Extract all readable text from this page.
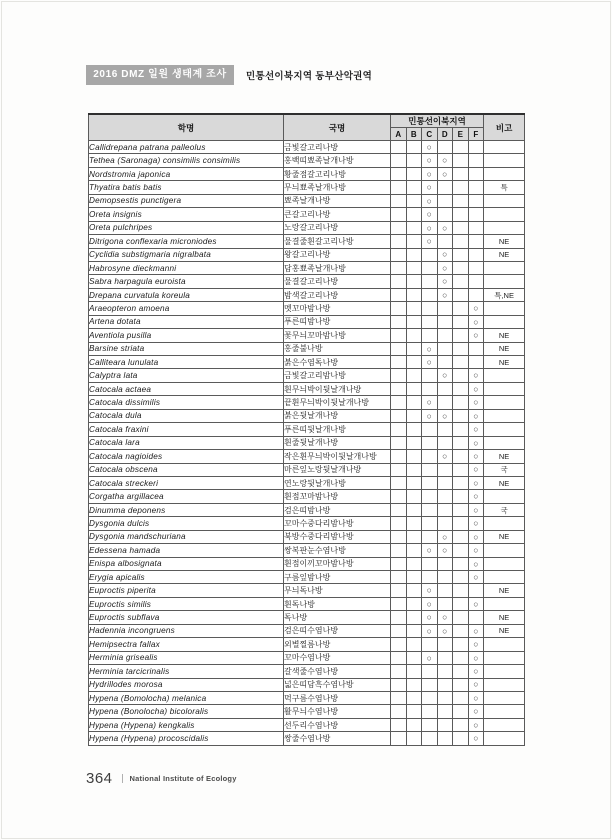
2016 DMZ 일원 생태계 조사	민통선이북지역 동부산악권역
학명	국명	민통선이북지역						비고
		A	B	C	D	E	F	
Callidrepana patrana palleolus	금빛갈고리나방			○				
Tethea (Saronaga) consimilis consimilis	홍백띠뾰족날개나방			○	○			
Nordstromia japonica	황줄점갈고리나방			○	○			
Thyatira batis batis	무늬뾰족날개나방			○				특
Demopsestis punctigera	뾰족날개나방			○				
Oreta insignis	큰갈고리나방			○				
Oreta pulchripes	노랑갈고리나방			○	○			
Ditrigona conflexaria microniodes	물결줄흰갈고리나방			○				NE
Cyclidia substigmaria nigralbata	왕갈고리나방				○			NE
Habrosyne dieckmanni	담홍뾰족날개나방				○			
Sabra harpagula euroista	물결갈고리나방				○			
Drepana curvatula koreula	밤색갈고리나방				○			특,NE
Araeopteron amoena	멧꼬마밤나방						○	
Artena dotata	푸른띠밤나방						○	
Aventiola pusilla	꽃무늬꼬마밤나방						○	NE
Barsine striata	홍줄불나방			○				NE
Calliteara lunulata	붉은수염독나방			○				NE
Calyptra lata	금빛갈고리밤나방				○		○	
Catocala actaea	흰무늬박이뒷날개나방						○	
Catocala dissimilis	끝흰무늬박이뒷날개나방			○			○	
Catocala dula	붉은뒷날개나방			○	○		○	
Catocala fraxini	푸른띠뒷날개나방						○	
Catocala lara	흰줄뒷날개나방						○	
Catocala nagioides	작은흰무늬박이뒷날개나방				○		○	NE
Catocala obscena	마른잎노랑뒷날개나방						○	국
Catocala streckeri	연노랑뒷날개나방						○	NE
Corgatha argillacea	흰점꼬마밤나방						○	
Dinumma deponens	검은띠밤나방						○	국
Dysgonia dulcis	꼬마수중다리밤나방						○	
Dysgonia mandschuriana	북방수중다리밤나방				○		○	NE
Edessena hamada	쌍복판눈수염나방			○	○		○	
Enispa albosignata	흰점이끼꼬마밤나방						○	
Erygia apicalis	구름잎밤나방						○	
Euproctis piperita	무늬독나방			○				NE
Euproctis similis	흰독나방			○			○	
Euproctis subflava	독나방			○	○			NE
Hadennia incongruens	검은띠수염나방			○	○		○	NE
Hemipsectra fallax	외별찔름나방						○	
Herminia grisealis	꼬마수염나방			○			○	
Herminia tarcicrinalis	갈색줄수염나방						○	
Hydrillodes morosa	넓은띠담흑수염나방						○	
Hypena (Bomolocha) melanica	먹구름수염나방						○	
Hypena (Bonolocha) bicoloralis	활무늬수염나방						○	
Hypena (Hypena) kengkalis	선두리수염나방						○	
Hypena (Hypena) procoscidalis	쌍줄수염나방						○	
364 National Institute of Ecology
